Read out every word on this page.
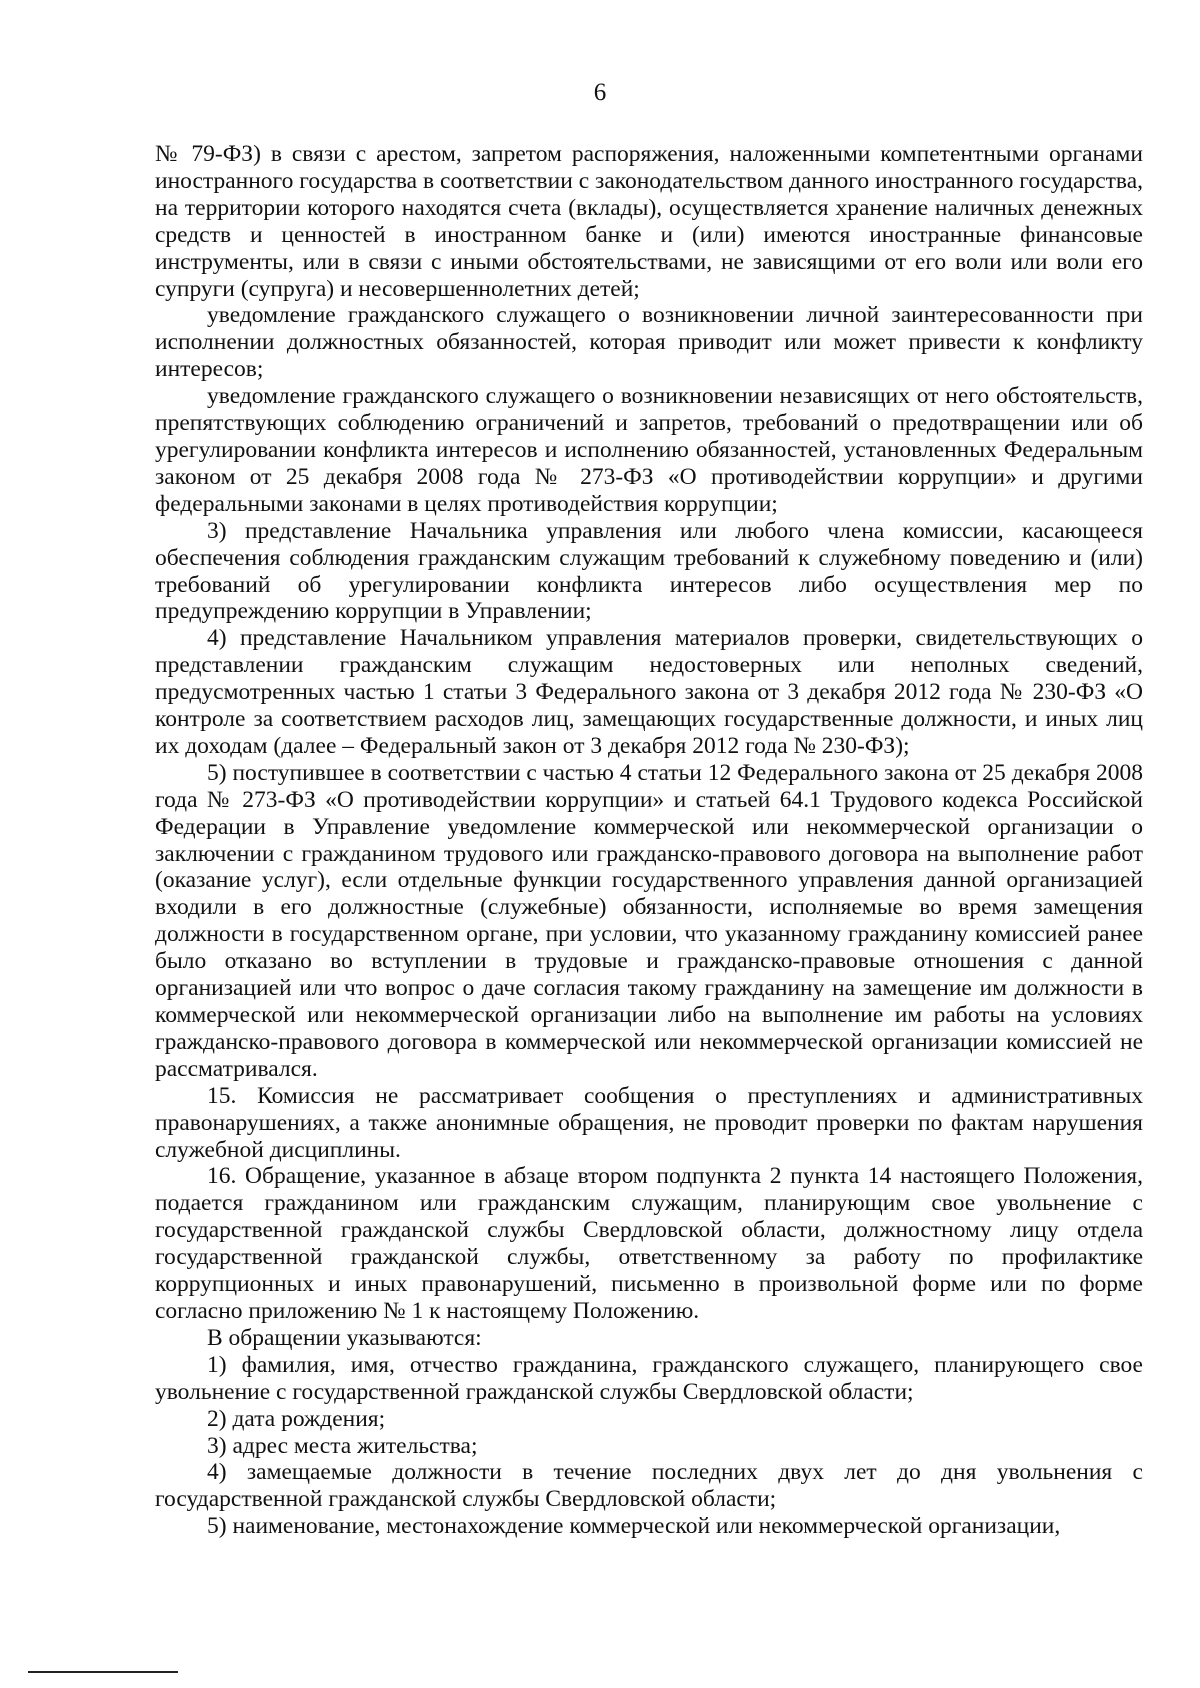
6

№ 79-ФЗ) в связи с арестом, запретом распоряжения, наложенными компетентными органами иностранного государства в соответствии с законодательством данного иностранного государства, на территории которого находятся счета (вклады), осуществляется хранение наличных денежных средств и ценностей в иностранном банке и (или) имеются иностранные финансовые инструменты, или в связи с иными обстоятельствами, не зависящими от его воли или воли его супруги (супруга) и несовершеннолетних детей;

уведомление гражданского служащего о возникновении личной заинтересованности при исполнении должностных обязанностей, которая приводит или может привести к конфликту интересов;

уведомление гражданского служащего о возникновении независящих от него обстоятельств, препятствующих соблюдению ограничений и запретов, требований о предотвращении или об урегулировании конфликта интересов и исполнению обязанностей, установленных Федеральным законом от 25 декабря 2008 года № 273-ФЗ «О противодействии коррупции» и другими федеральными законами в целях противодействия коррупции;

3) представление Начальника управления или любого члена комиссии, касающееся обеспечения соблюдения гражданским служащим требований к служебному поведению и (или) требований об урегулировании конфликта интересов либо осуществления мер по предупреждению коррупции в Управлении;

4) представление Начальником управления материалов проверки, свидетельствующих о представлении гражданским служащим недостоверных или неполных сведений, предусмотренных частью 1 статьи 3 Федерального закона от 3 декабря 2012 года № 230-ФЗ «О контроле за соответствием расходов лиц, замещающих государственные должности, и иных лиц их доходам (далее – Федеральный закон от 3 декабря 2012 года № 230-ФЗ);

5) поступившее в соответствии с частью 4 статьи 12 Федерального закона от 25 декабря 2008 года № 273-ФЗ «О противодействии коррупции» и статьей 64.1 Трудового кодекса Российской Федерации в Управление уведомление коммерческой или некоммерческой организации о заключении с гражданином трудового или гражданско-правового договора на выполнение работ (оказание услуг), если отдельные функции государственного управления данной организацией входили в его должностные (служебные) обязанности, исполняемые во время замещения должности в государственном органе, при условии, что указанному гражданину комиссией ранее было отказано во вступлении в трудовые и гражданско-правовые отношения с данной организацией или что вопрос о даче согласия такому гражданину на замещение им должности в коммерческой или некоммерческой организации либо на выполнение им работы на условиях гражданско-правового договора в коммерческой или некоммерческой организации комиссией не рассматривался.

15. Комиссия не рассматривает сообщения о преступлениях и административных правонарушениях, а также анонимные обращения, не проводит проверки по фактам нарушения служебной дисциплины.

16. Обращение, указанное в абзаце втором подпункта 2 пункта 14 настоящего Положения, подается гражданином или гражданским служащим, планирующим свое увольнение с государственной гражданской службы Свердловской области, должностному лицу отдела государственной гражданской службы, ответственному за работу по профилактике коррупционных и иных правонарушений, письменно в произвольной форме или по форме согласно приложению № 1 к настоящему Положению.

В обращении указываются:

1) фамилия, имя, отчество гражданина, гражданского служащего, планирующего свое увольнение с государственной гражданской службы Свердловской области;

2) дата рождения;

3) адрес места жительства;

4) замещаемые должности в течение последних двух лет до дня увольнения с государственной гражданской службы Свердловской области;

5) наименование, местонахождение коммерческой или некоммерческой организации,
